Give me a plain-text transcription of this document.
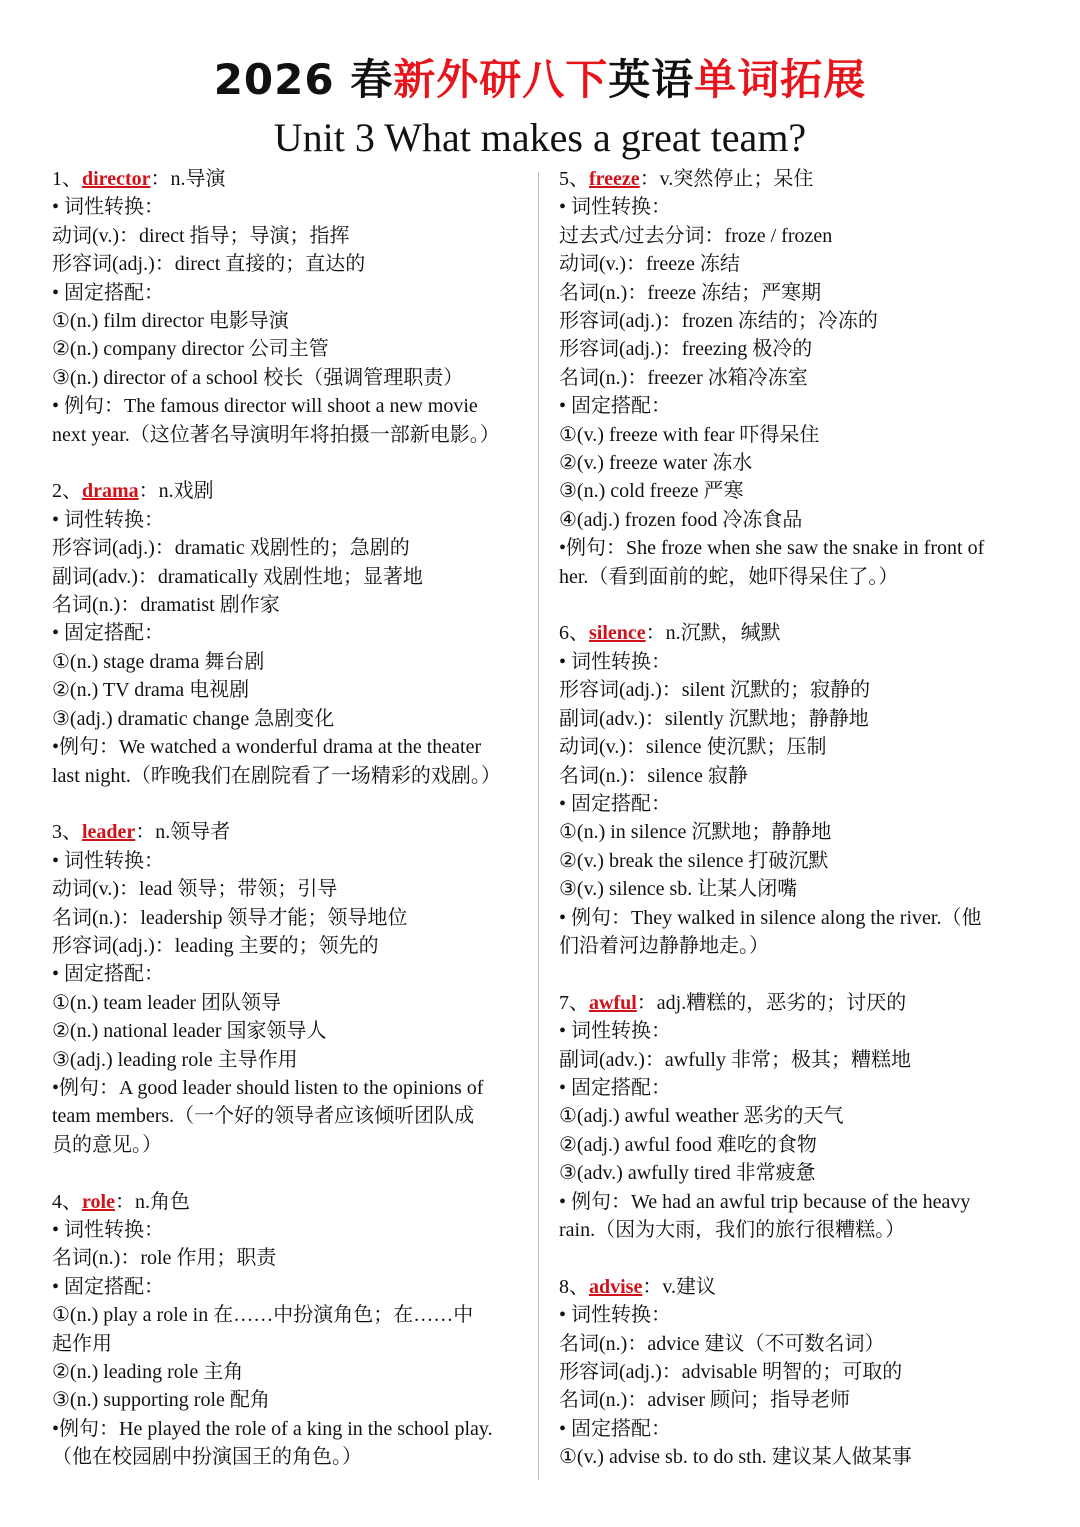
2026 春新外研八下英语单词拓展
Unit 3 What makes a great team?
1、director：n.导演
• 词性转换：
动词(v.)：direct 指导；导演；指挥
形容词(adj.)：direct 直接的；直达的
• 固定搭配：
①(n.) film director 电影导演
②(n.) company director 公司主管
③(n.) director of a school 校长（强调管理职责）
• 例句：The famous director will shoot a new movie
next year.（这位著名导演明年将拍摄一部新电影。）
2、drama：n.戏剧
• 词性转换：
形容词(adj.)：dramatic 戏剧性的；急剧的
副词(adv.)：dramatically 戏剧性地；显著地
名词(n.)：dramatist 剧作家
• 固定搭配：
①(n.) stage drama 舞台剧
②(n.) TV drama 电视剧
③(adj.) dramatic change 急剧变化
•例句：We watched a wonderful drama at the theater
last night.（昨晚我们在剧院看了一场精彩的戏剧。）
3、leader：n.领导者
• 词性转换：
动词(v.)：lead 领导；带领；引导
名词(n.)：leadership 领导才能；领导地位
形容词(adj.)：leading 主要的；领先的
• 固定搭配：
①(n.) team leader 团队领导
②(n.) national leader 国家领导人
③(adj.) leading role 主导作用
•例句：A good leader should listen to the opinions of
team members.（一个好的领导者应该倾听团队成
员的意见。）
4、role：n.角色
• 词性转换：
名词(n.)：role 作用；职责
• 固定搭配：
①(n.) play a role in 在……中扮演角色；在……中
起作用
②(n.) leading role 主角
③(n.) supporting role 配角
•例句：He played the role of a king in the school play.
（他在校园剧中扮演国王的角色。）
5、freeze：v.突然停止；呆住
• 词性转换：
过去式/过去分词：froze / frozen
动词(v.)：freeze 冻结
名词(n.)：freeze 冻结；严寒期
形容词(adj.)：frozen 冻结的；冷冻的
形容词(adj.)：freezing 极冷的
名词(n.)：freezer 冰箱冷冻室
• 固定搭配：
①(v.) freeze with fear 吓得呆住
②(v.) freeze water 冻水
③(n.) cold freeze 严寒
④(adj.) frozen food 冷冻食品
•例句：She froze when she saw the snake in front of
her.（看到面前的蛇，她吓得呆住了。）
6、silence：n.沉默，缄默
• 词性转换：
形容词(adj.)：silent 沉默的；寂静的
副词(adv.)：silently 沉默地；静静地
动词(v.)：silence 使沉默；压制
名词(n.)：silence 寂静
• 固定搭配：
①(n.) in silence 沉默地；静静地
②(v.) break the silence 打破沉默
③(v.) silence sb. 让某人闭嘴
• 例句：They walked in silence along the river.（他
们沿着河边静静地走。）
7、awful：adj.糟糕的，恶劣的；讨厌的
• 词性转换：
副词(adv.)：awfully 非常；极其；糟糕地
• 固定搭配：
①(adj.) awful weather 恶劣的天气
②(adj.) awful food 难吃的食物
③(adv.) awfully tired 非常疲惫
• 例句：We had an awful trip because of the heavy
rain.（因为大雨，我们的旅行很糟糕。）
8、advise：v.建议
• 词性转换：
名词(n.)：advice 建议（不可数名词）
形容词(adj.)：advisable 明智的；可取的
名词(n.)：adviser 顾问；指导老师
• 固定搭配：
①(v.) advise sb. to do sth. 建议某人做某事
